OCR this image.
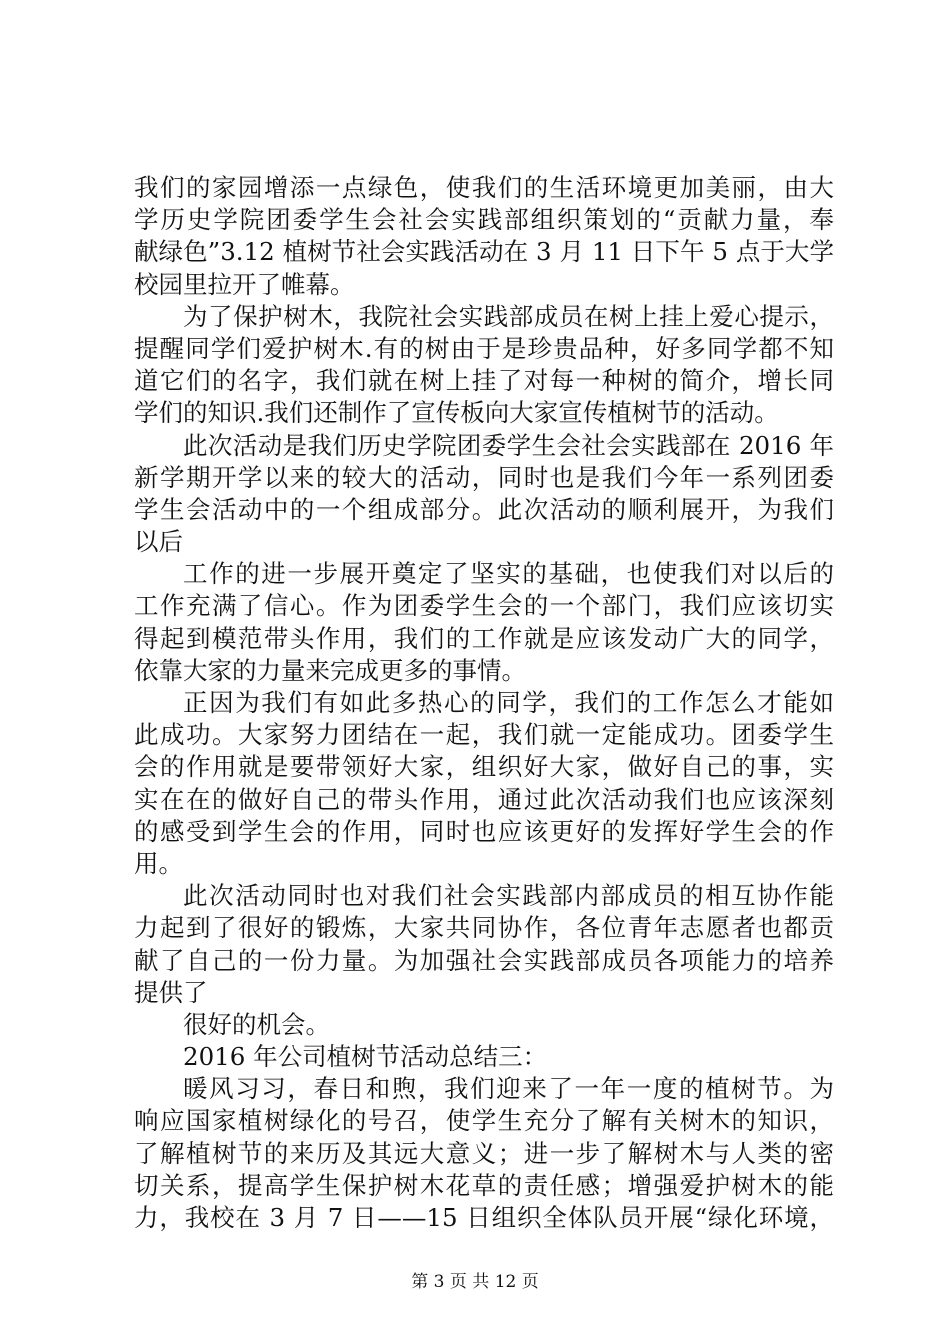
我们的家园增添一点绿色，使我们的生活环境更加美丽，由大
学历史学院团委学生会社会实践部组织策划的“贡献力量，奉
献绿色”3.12 植树节社会实践活动在 3 月 11 日下午 5 点于大学
校园里拉开了帷幕。
为了保护树木，我院社会实践部成员在树上挂上爱心提示，
提醒同学们爱护树木.有的树由于是珍贵品种，好多同学都不知
道它们的名字，我们就在树上挂了对每一种树的简介，增长同
学们的知识.我们还制作了宣传板向大家宣传植树节的活动。
此次活动是我们历史学院团委学生会社会实践部在 2016 年
新学期开学以来的较大的活动，同时也是我们今年一系列团委
学生会活动中的一个组成部分。此次活动的顺利展开，为我们
以后
工作的进一步展开奠定了坚实的基础，也使我们对以后的
工作充满了信心。作为团委学生会的一个部门，我们应该切实
得起到模范带头作用，我们的工作就是应该发动广大的同学，
依靠大家的力量来完成更多的事情。
正因为我们有如此多热心的同学，我们的工作怎么才能如
此成功。大家努力团结在一起，我们就一定能成功。团委学生
会的作用就是要带领好大家，组织好大家，做好自己的事，实
实在在的做好自己的带头作用，通过此次活动我们也应该深刻
的感受到学生会的作用，同时也应该更好的发挥好学生会的作
用。
此次活动同时也对我们社会实践部内部成员的相互协作能
力起到了很好的锻炼，大家共同协作，各位青年志愿者也都贡
献了自己的一份力量。为加强社会实践部成员各项能力的培养
提供了
很好的机会。
2016 年公司植树节活动总结三：
暖风习习，春日和煦，我们迎来了一年一度的植树节。为
响应国家植树绿化的号召，使学生充分了解有关树木的知识，
了解植树节的来历及其远大意义；进一步了解树木与人类的密
切关系，提高学生保护树木花草的责任感；增强爱护树木的能
力，我校在 3 月 7 日——15 日组织全体队员开展“绿化环境，
第 3 页 共 12 页
